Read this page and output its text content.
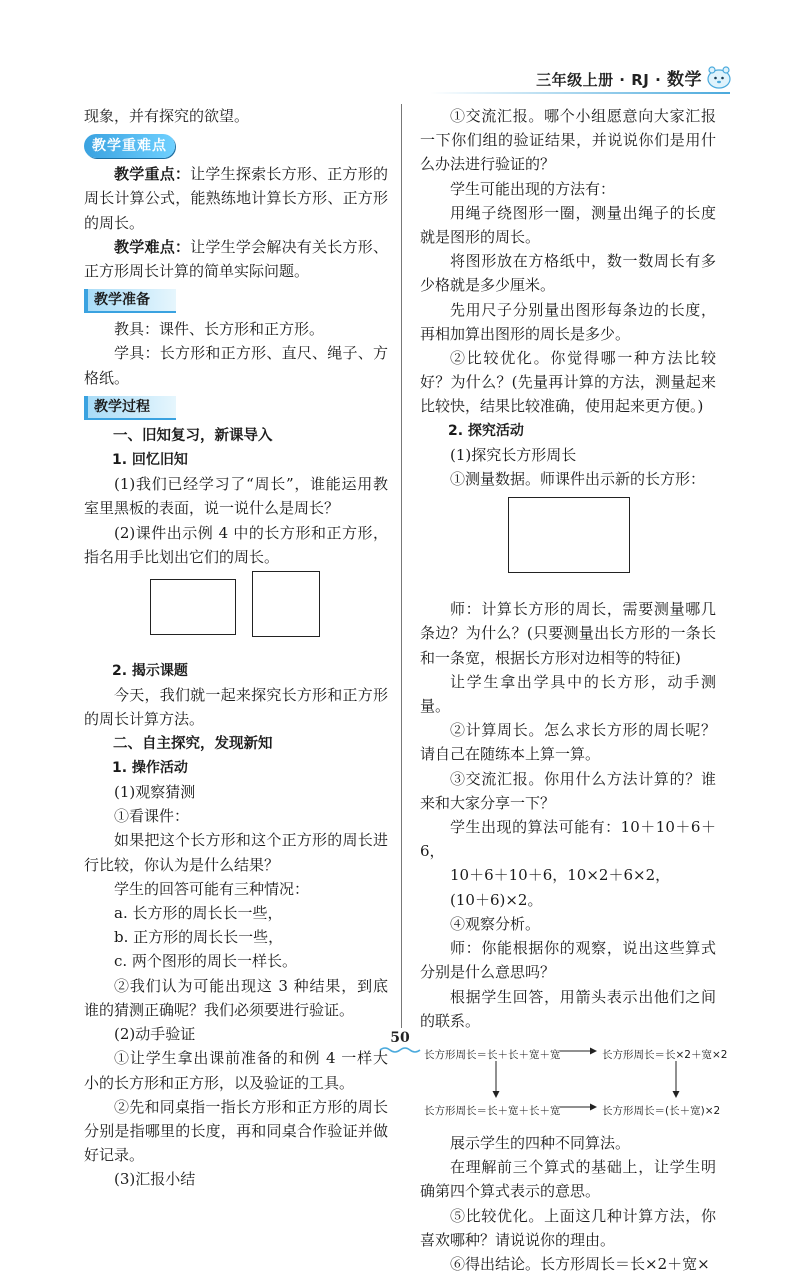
三年级上册 · RJ · 数学

现象，并有探究的欲望。

教学重难点

教学重点：让学生探索长方形、正方形的周长计算公式，能熟练地计算长方形、正方形的周长。

教学难点：让学生学会解决有关长方形、正方形周长计算的简单实际问题。

教学准备

教具：课件、长方形和正方形。

学具：长方形和正方形、直尺、绳子、方格纸。

教学过程

一、旧知复习，新课导入

1. 回忆旧知

(1)我们已经学习了“周长”，谁能运用教室里黑板的表面，说一说什么是周长？

(2)课件出示例 4 中的长方形和正方形，指名用手比划出它们的周长。

2. 揭示课题

今天，我们就一起来探究长方形和正方形的周长计算方法。

二、自主探究，发现新知

1. 操作活动

(1)观察猜测

①看课件：

如果把这个长方形和这个正方形的周长进行比较，你认为是什么结果？

学生的回答可能有三种情况：

a. 长方形的周长长一些，

b. 正方形的周长长一些，

c. 两个图形的周长一样长。

②我们认为可能出现这 3 种结果，到底谁的猜测正确呢？我们必须要进行验证。

(2)动手验证

①让学生拿出课前准备的和例 4 一样大小的长方形和正方形，以及验证的工具。

②先和同桌指一指长方形和正方形的周长分别是指哪里的长度，再和同桌合作验证并做好记录。

(3)汇报小结

①交流汇报。哪个小组愿意向大家汇报一下你们组的验证结果，并说说你们是用什么办法进行验证的？

学生可能出现的方法有：

用绳子绕图形一圈，测量出绳子的长度就是图形的周长。

将图形放在方格纸中，数一数周长有多少格就是多少厘米。

先用尺子分别量出图形每条边的长度，再相加算出图形的周长是多少。

②比较优化。你觉得哪一种方法比较好？为什么？(先量再计算的方法，测量起来比较快，结果比较准确，使用起来更方便。)

2. 探究活动

(1)探究长方形周长

①测量数据。师课件出示新的长方形：

师：计算长方形的周长，需要测量哪几条边？为什么？(只要测量出长方形的一条长和一条宽，根据长方形对边相等的特征)

让学生拿出学具中的长方形，动手测量。

②计算周长。怎么求长方形的周长呢？请自己在随练本上算一算。

③交流汇报。你用什么方法计算的？谁来和大家分享一下？

学生出现的算法可能有：10＋10＋6＋6，

10＋6＋10＋6，10×2＋6×2，

(10＋6)×2。

④观察分析。

师：你能根据你的观察，说出这些算式分别是什么意思吗？

根据学生回答，用箭头表示出他们之间的联系。

长方形周长＝长＋长＋宽＋宽	长方形周长＝长×2＋宽×2
长方形周长＝长＋宽＋长＋宽	长方形周长＝(长＋宽)×2

展示学生的四种不同算法。

在理解前三个算式的基础上，让学生明确第四个算式表示的意思。

⑤比较优化。上面这几种计算方法，你喜欢哪种？请说说你的理由。

⑥得出结论。长方形周长＝长×2＋宽×

50
